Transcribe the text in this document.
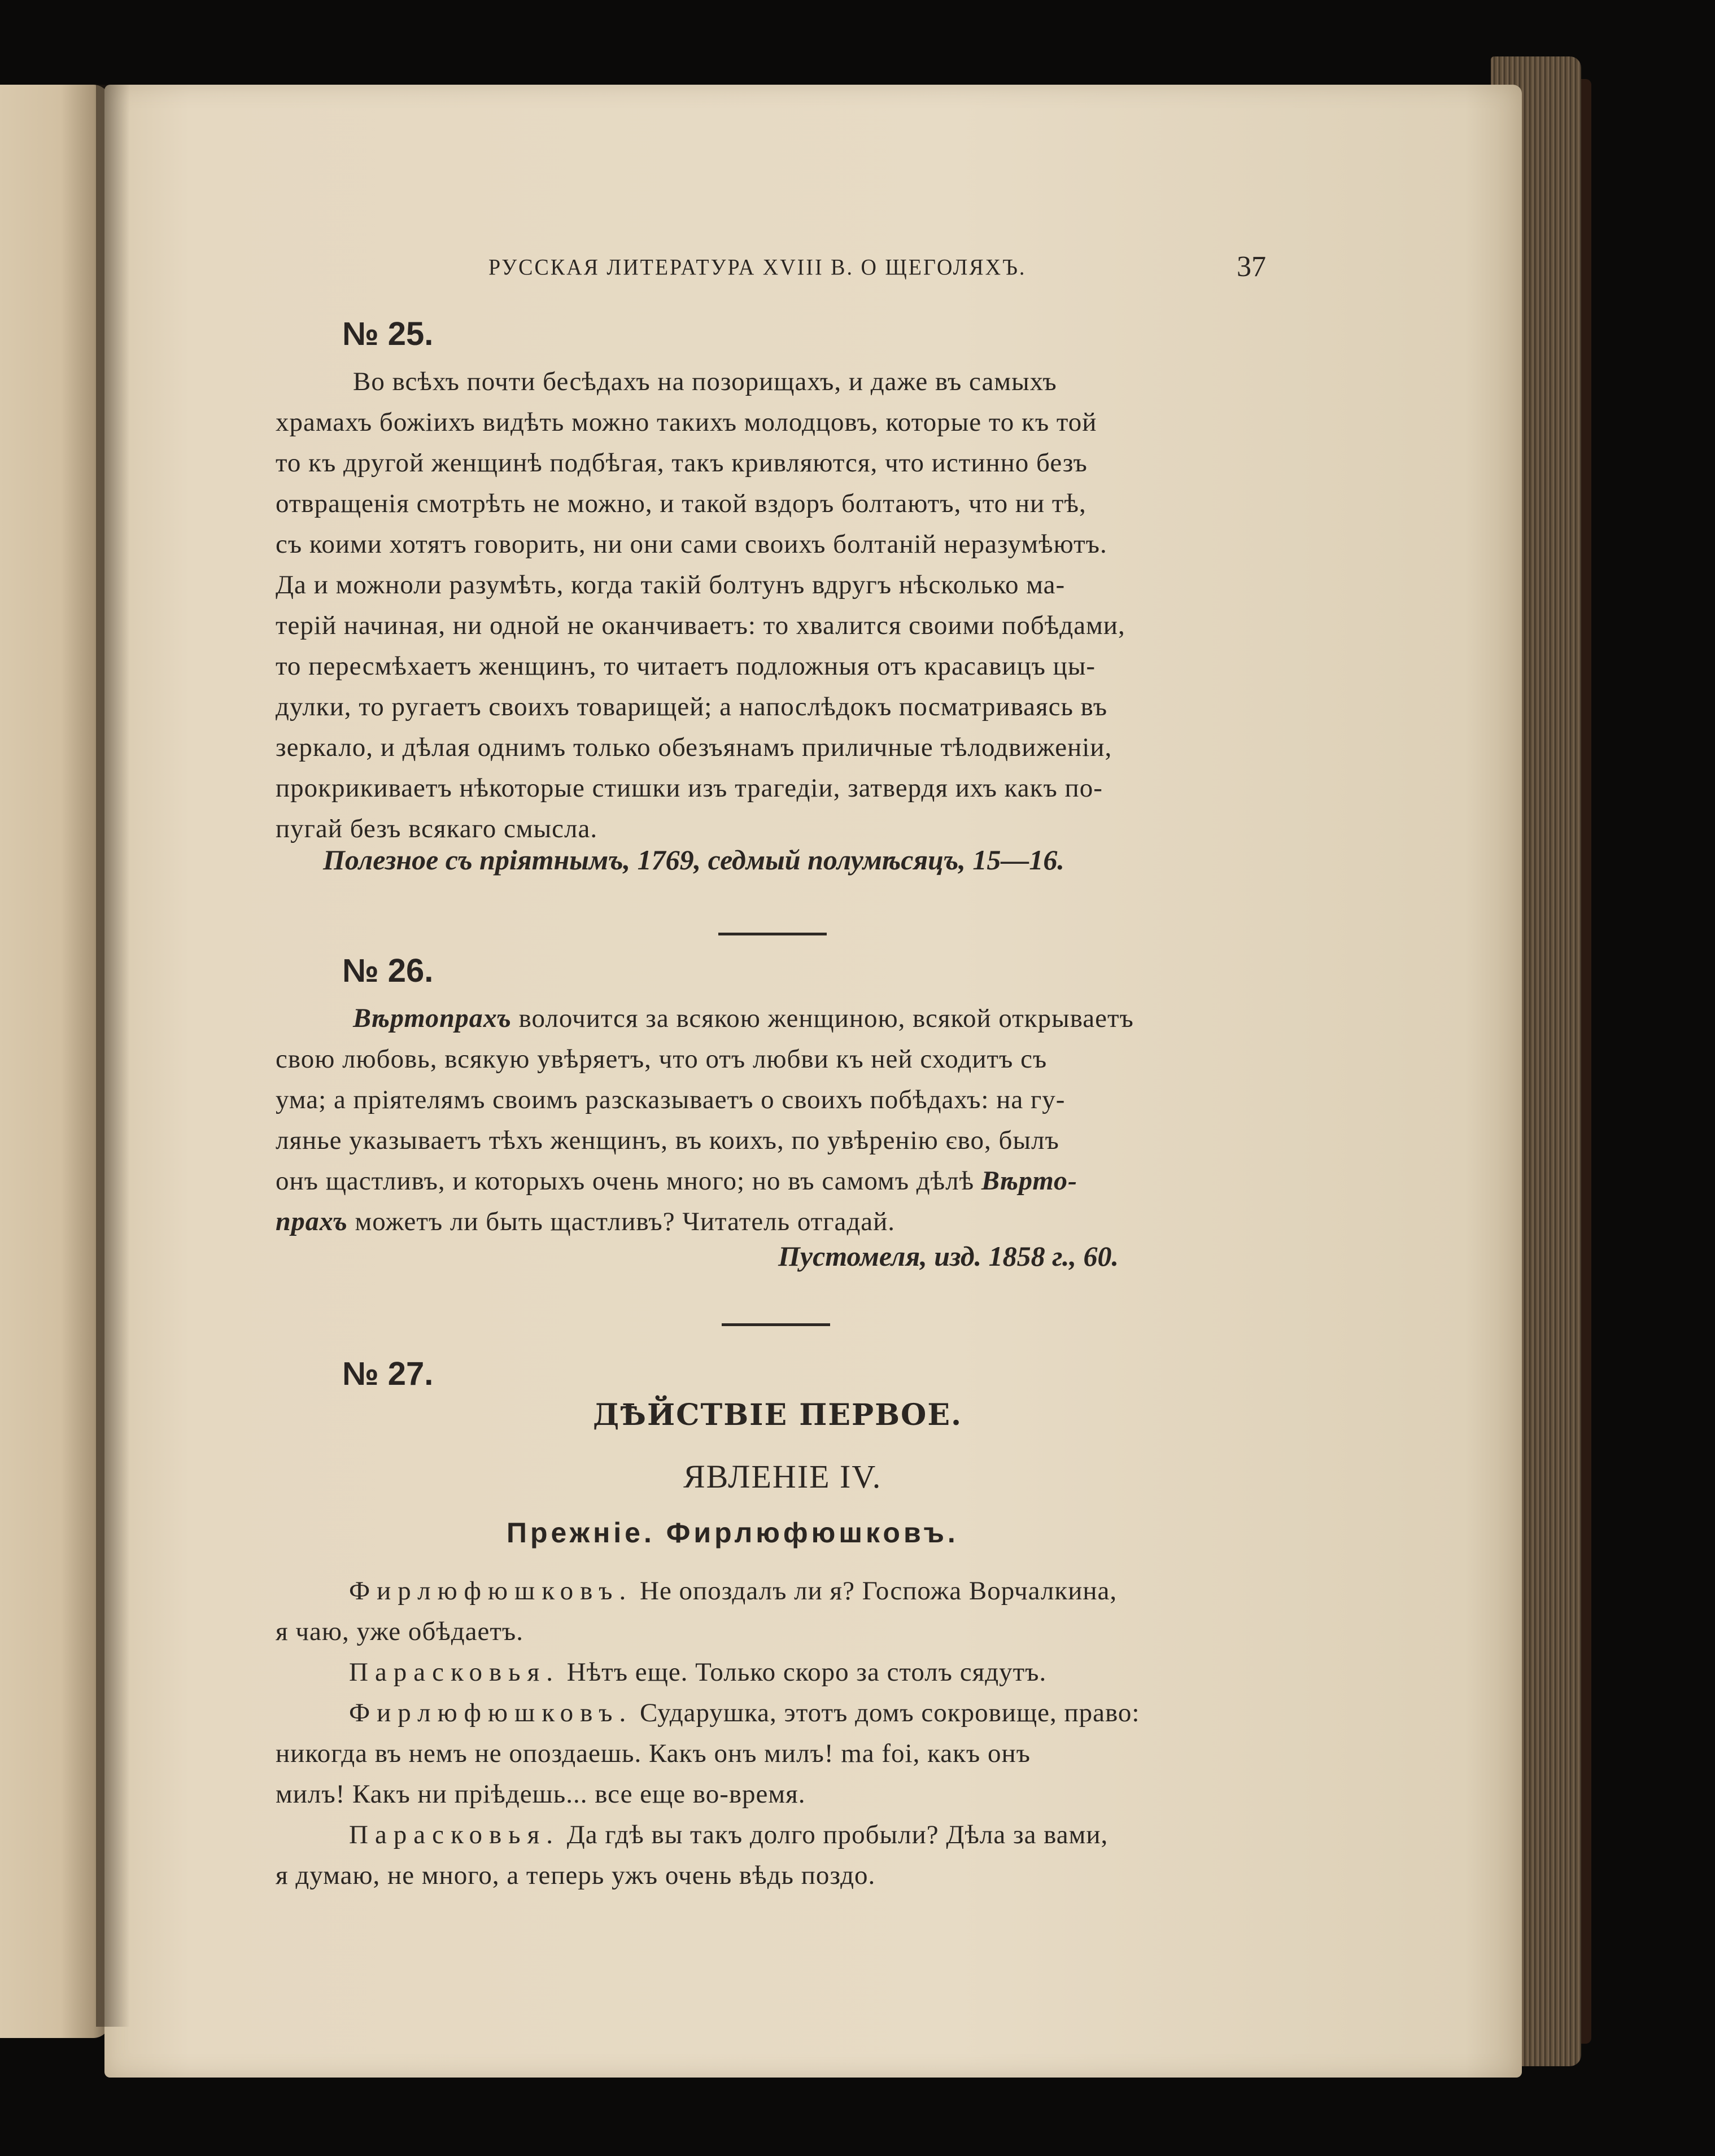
РУССКАЯ ЛИТЕРАТУРА XVIII В. О ЩЕГОЛЯХЪ.	37
№ 25.
Во всѣхъ почти бесѣдахъ на позорищахъ, и даже въ самыхъ
храмахъ божіихъ видѣть можно такихъ молодцовъ, которые то къ той
то къ другой женщинѣ подбѣгая, такъ кривляются, что истинно безъ
отвращенія смотрѣть не можно, и такой вздоръ болтаютъ, что ни тѣ,
съ коими хотятъ говорить, ни они сами своихъ болтаній неразумѣютъ.
Да и можноли разумѣть, когда такій болтунъ вдругъ нѣсколько ма-
терій начиная, ни одной не оканчиваетъ: то хвалится своими побѣдами,
то пересмѣхаетъ женщинъ, то читаетъ подложныя отъ красавицъ цы-
дулки, то ругаетъ своихъ товарищей; а напослѣдокъ посматриваясь въ
зеркало, и дѣлая однимъ только обезъянамъ приличные тѣлодвиженіи,
прокрикиваетъ нѣкоторые стишки изъ трагедіи, затвердя ихъ какъ по-
пугай безъ всякаго смысла.
Полезное съ пріятнымъ, 1769, седмый полумѣсяцъ, 15—16.
№ 26.
Вѣртопрахъ волочится за всякою женщиною, всякой открываетъ
свою любовь, всякую увѣряетъ, что отъ любви къ ней сходитъ съ
ума; а пріятелямъ своимъ разсказываетъ о своихъ побѣдахъ: на гу-
лянье указываетъ тѣхъ женщинъ, въ коихъ, по увѣренію єво, былъ
онъ щастливъ, и которыхъ очень много; но въ самомъ дѣлѣ Вѣрто-
прахъ можетъ ли быть щастливъ? Читатель отгадай.
Пустомеля, изд. 1858 г., 60.
№ 27.
ДѢЙСТВІЕ ПЕРВОЕ.
ЯВЛЕНІЕ IV.
Прежніе. Фирлюфюшковъ.
Фирлюфюшковъ. Не опоздалъ ли я? Госпожа Ворчалкина,
я чаю, уже обѣдаетъ.
Парасковья. Нѣтъ еще. Только скоро за столъ сядутъ.
Фирлюфюшковъ. Сударушка, этотъ домъ сокровище, право:
никогда въ немъ не опоздаешь. Какъ онъ милъ! ma foi, какъ онъ
милъ! Какъ ни пріѣдешь... все еще во-время.
Парасковья. Да гдѣ вы такъ долго пробыли? Дѣла за вами,
я думаю, не много, а теперь ужъ очень вѣдь поздо.
